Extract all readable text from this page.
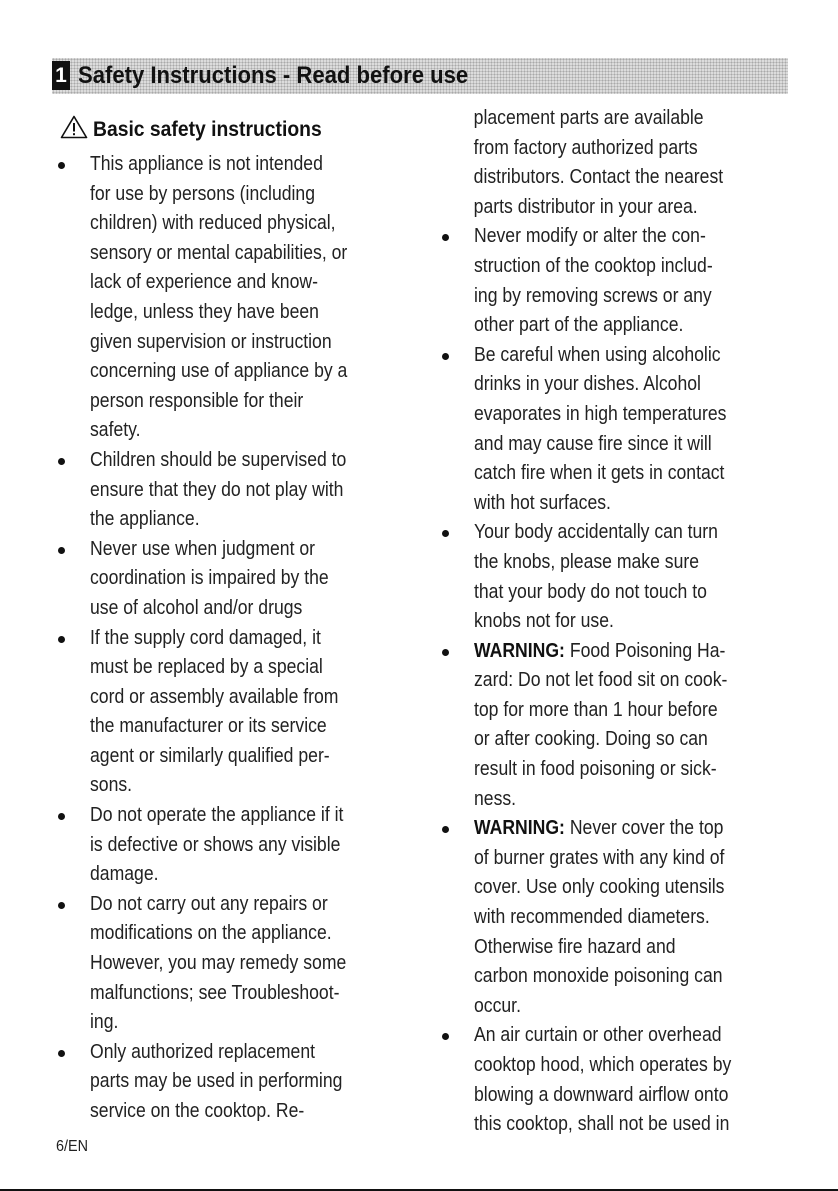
1 Safety Instructions - Read before use
Basic safety instructions
This appliance is not intended
for use by persons (including
children) with reduced physical,
sensory or mental capabilities, or
lack of experience and know-
ledge, unless they have been
given supervision or instruction
concerning use of appliance by a
person responsible for their
safety.
Children should be supervised to
ensure that they do not play with
the appliance.
Never use when judgment or
coordination is impaired by the
use of alcohol and/or drugs
If the supply cord damaged, it
must be replaced by a special
cord or assembly available from
the manufacturer or its service
agent or similarly qualified per-
sons.
Do not operate the appliance if it
is defective or shows any visible
damage.
Do not carry out any repairs or
modifications on the appliance.
However, you may remedy some
malfunctions; see Troubleshoot-
ing.
Only authorized replacement
parts may be used in performing
service on the cooktop. Re-
placement parts are available
from factory authorized parts
distributors. Contact the nearest
parts distributor in your area.
Never modify or alter the con-
struction of the cooktop includ-
ing by removing screws or any
other part of the appliance.
Be careful when using alcoholic
drinks in your dishes. Alcohol
evaporates in high temperatures
and may cause fire since it will
catch fire when it gets in contact
with hot surfaces.
Your body accidentally can turn
the knobs, please make sure
that your body do not touch to
knobs not for use.
WARNING: Food Poisoning Ha-
zard: Do not let food sit on cook-
top for more than 1 hour before
or after cooking. Doing so can
result in food poisoning or sick-
ness.
WARNING: Never cover the top
of burner grates with any kind of
cover. Use only cooking utensils
with recommended diameters.
Otherwise fire hazard and
carbon monoxide poisoning can
occur.
An air curtain or other overhead
cooktop hood, which operates by
blowing a downward airflow onto
this cooktop, shall not be used in
6/EN
